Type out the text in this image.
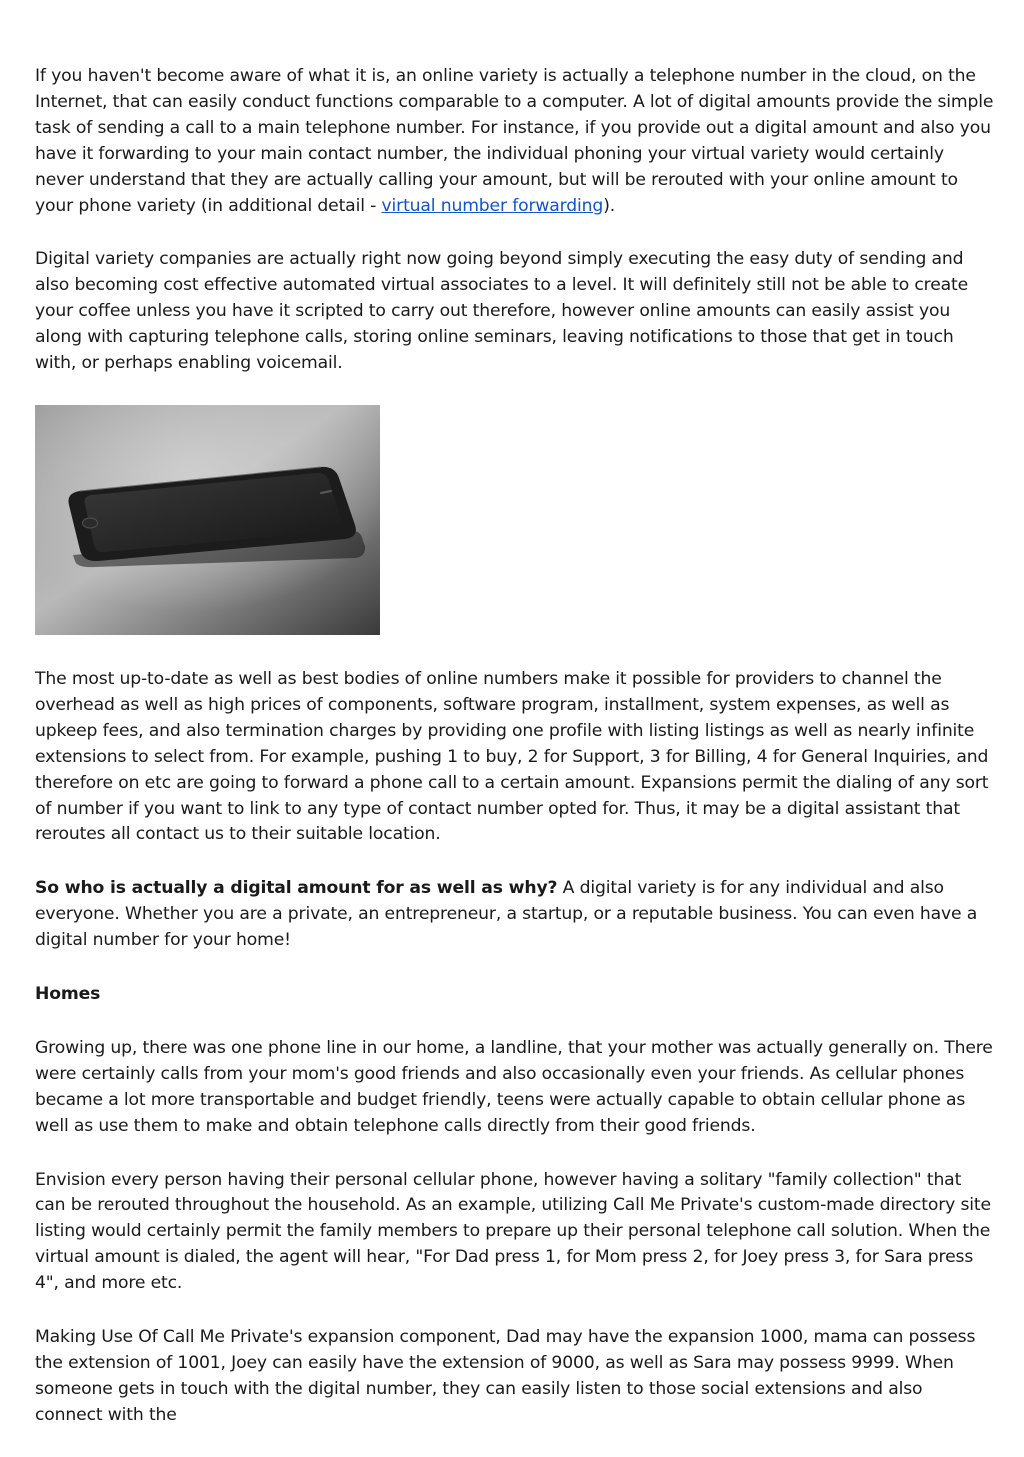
If you haven't become aware of what it is, an online variety is actually a telephone number in the cloud, on the Internet, that can easily conduct functions comparable to a computer. A lot of digital amounts provide the simple task of sending a call to a main telephone number. For instance, if you provide out a digital amount and also you have it forwarding to your main contact number, the individual phoning your virtual variety would certainly never understand that they are actually calling your amount, but will be rerouted with your online amount to your phone variety (in additional detail - virtual number forwarding).

Digital variety companies are actually right now going beyond simply executing the easy duty of sending and also becoming cost effective automated virtual associates to a level. It will definitely still not be able to create your coffee unless you have it scripted to carry out therefore, however online amounts can easily assist you along with capturing telephone calls, storing online seminars, leaving notifications to those that get in touch with, or perhaps enabling voicemail.

The most up-to-date as well as best bodies of online numbers make it possible for providers to channel the overhead as well as high prices of components, software program, installment, system expenses, as well as upkeep fees, and also termination charges by providing one profile with listing listings as well as nearly infinite extensions to select from. For example, pushing 1 to buy, 2 for Support, 3 for Billing, 4 for General Inquiries, and therefore on etc are going to forward a phone call to a certain amount. Expansions permit the dialing of any sort of number if you want to link to any type of contact number opted for. Thus, it may be a digital assistant that reroutes all contact us to their suitable location.

So who is actually a digital amount for as well as why? A digital variety is for any individual and also everyone. Whether you are a private, an entrepreneur, a startup, or a reputable business. You can even have a digital number for your home!

Homes

Growing up, there was one phone line in our home, a landline, that your mother was actually generally on. There were certainly calls from your mom's good friends and also occasionally even your friends. As cellular phones became a lot more transportable and budget friendly, teens were actually capable to obtain cellular phone as well as use them to make and obtain telephone calls directly from their good friends.

Envision every person having their personal cellular phone, however having a solitary "family collection" that can be rerouted throughout the household. As an example, utilizing Call Me Private's custom-made directory site listing would certainly permit the family members to prepare up their personal telephone call solution. When the virtual amount is dialed, the agent will hear, "For Dad press 1, for Mom press 2, for Joey press 3, for Sara press 4", and more etc.

Making Use Of Call Me Private's expansion component, Dad may have the expansion 1000, mama can possess the extension of 1001, Joey can easily have the extension of 9000, as well as Sara may possess 9999. When someone gets in touch with the digital number, they can easily listen to those social extensions and also connect with the
